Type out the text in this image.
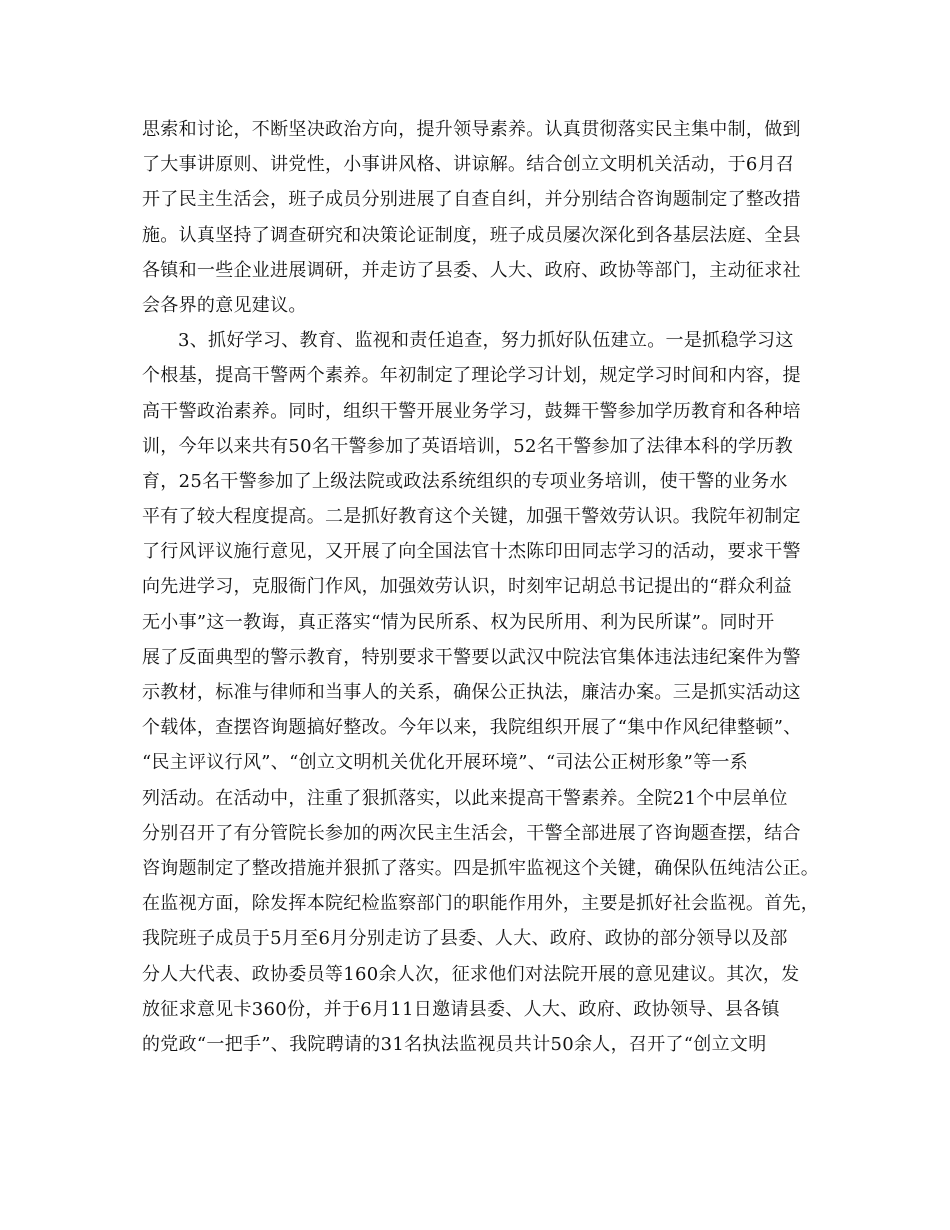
思索和讨论，不断坚决政治方向，提升领导素养。认真贯彻落实民主集中制，做到
了大事讲原则、讲党性，小事讲风格、讲谅解。结合创立文明机关活动，于6月召
开了民主生活会，班子成员分别进展了自查自纠，并分别结合咨询题制定了整改措
施。认真坚持了调查研究和决策论证制度，班子成员屡次深化到各基层法庭、全县
各镇和一些企业进展调研，并走访了县委、人大、政府、政协等部门，主动征求社
会各界的意见建议。
3、抓好学习、教育、监视和责任追查，努力抓好队伍建立。一是抓稳学习这
个根基，提高干警两个素养。年初制定了理论学习计划，规定学习时间和内容，提
高干警政治素养。同时，组织干警开展业务学习，鼓舞干警参加学历教育和各种培
训，今年以来共有50名干警参加了英语培训，52名干警参加了法律本科的学历教
育，25名干警参加了上级法院或政法系统组织的专项业务培训，使干警的业务水
平有了较大程度提高。二是抓好教育这个关键，加强干警效劳认识。我院年初制定
了行风评议施行意见，又开展了向全国法官十杰陈印田同志学习的活动，要求干警
向先进学习，克服衙门作风，加强效劳认识，时刻牢记胡总书记提出的“群众利益
无小事”这一教诲，真正落实“情为民所系、权为民所用、利为民所谋”。同时开
展了反面典型的警示教育，特别要求干警要以武汉中院法官集体违法违纪案件为警
示教材，标准与律师和当事人的关系，确保公正执法，廉洁办案。三是抓实活动这
个载体，查摆咨询题搞好整改。今年以来，我院组织开展了“集中作风纪律整顿”、
“民主评议行风”、“创立文明机关优化开展环境”、“司法公正树形象”等一系
列活动。在活动中，注重了狠抓落实，以此来提高干警素养。全院21个中层单位
分别召开了有分管院长参加的两次民主生活会，干警全部进展了咨询题查摆，结合
咨询题制定了整改措施并狠抓了落实。四是抓牢监视这个关键，确保队伍纯洁公正。
在监视方面，除发挥本院纪检监察部门的职能作用外，主要是抓好社会监视。首先，
我院班子成员于5月至6月分别走访了县委、人大、政府、政协的部分领导以及部
分人大代表、政协委员等160余人次，征求他们对法院开展的意见建议。其次，发
放征求意见卡360份，并于6月11日邀请县委、人大、政府、政协领导、县各镇
的党政“一把手”、我院聘请的31名执法监视员共计50余人，召开了“创立文明
